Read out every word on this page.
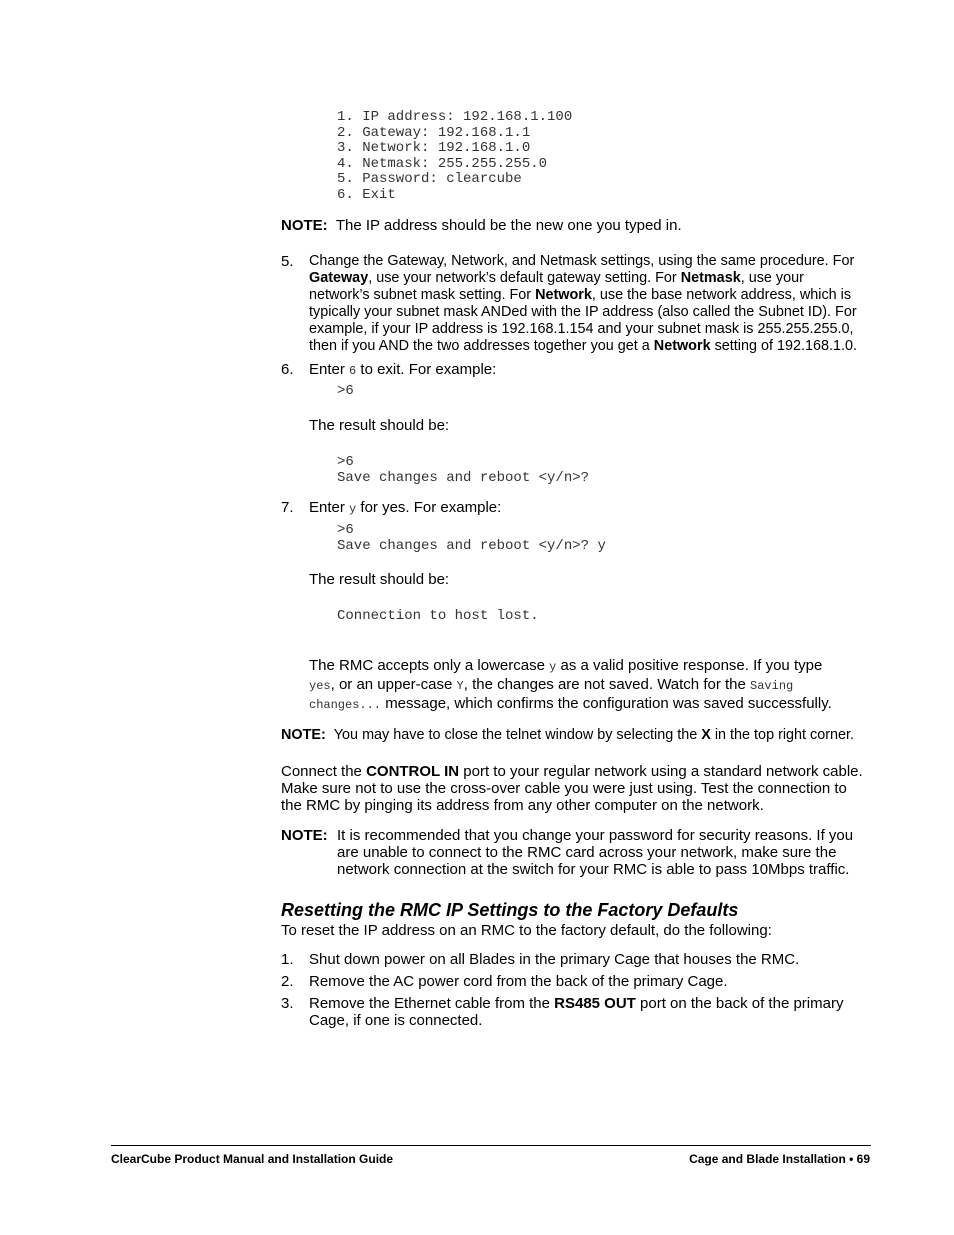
1. IP address: 192.168.1.100
2. Gateway: 192.168.1.1
3. Network: 192.168.1.0
4. Netmask: 255.255.255.0
5. Password: clearcube
6. Exit
NOTE: The IP address should be the new one you typed in.
5. Change the Gateway, Network, and Netmask settings, using the same procedure. For
Gateway, use your network’s default gateway setting. For Netmask, use your
network’s subnet mask setting. For Network, use the base network address, which is
typically your subnet mask ANDed with the IP address (also called the Subnet ID). For
example, if your IP address is 192.168.1.154 and your subnet mask is 255.255.255.0,
then if you AND the two addresses together you get a Network setting of 192.168.1.0.
6. Enter 6 to exit. For example:
>6
The result should be:
>6
Save changes and reboot <y/n>?
7. Enter y for yes. For example:
>6
Save changes and reboot <y/n>? y
The result should be:
Connection to host lost.
The RMC accepts only a lowercase y as a valid positive response. If you type
yes, or an upper-case Y, the changes are not saved. Watch for the Saving
changes... message, which confirms the configuration was saved successfully.
NOTE: You may have to close the telnet window by selecting the X in the top right corner.
Connect the CONTROL IN port to your regular network using a standard network cable.
Make sure not to use the cross-over cable you were just using. Test the connection to
the RMC by pinging its address from any other computer on the network.
NOTE: It is recommended that you change your password for security reasons. If you
are unable to connect to the RMC card across your network, make sure the
network connection at the switch for your RMC is able to pass 10Mbps traffic.
Resetting the RMC IP Settings to the Factory Defaults
To reset the IP address on an RMC to the factory default, do the following:
1. Shut down power on all Blades in the primary Cage that houses the RMC.
2. Remove the AC power cord from the back of the primary Cage.
3. Remove the Ethernet cable from the RS485 OUT port on the back of the primary
Cage, if one is connected.
ClearCube Product Manual and Installation Guide	Cage and Blade Installation • 69
